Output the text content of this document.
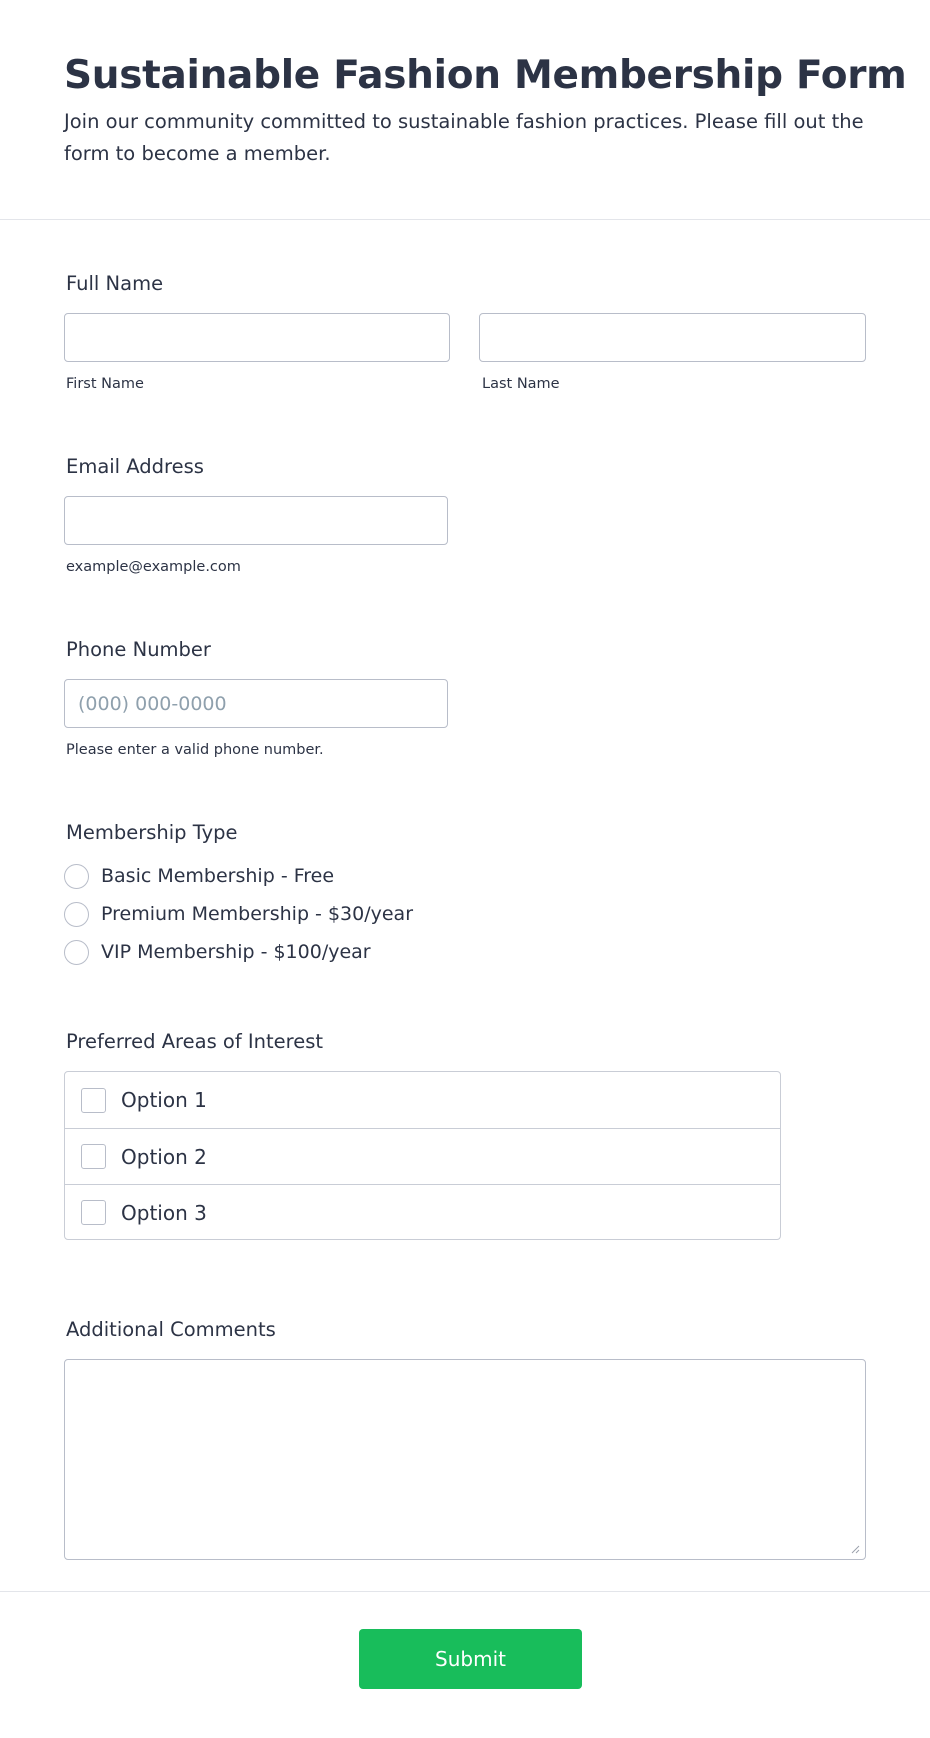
Sustainable Fashion Membership Form

Join our community committed to sustainable fashion practices. Please fill out the form to become a member.

Full Name
First Name	Last Name
Email Address
example@example.com
Phone Number
(000) 000-0000
Please enter a valid phone number.
Membership Type
Basic Membership - Free
Premium Membership - $30/year
VIP Membership - $100/year
Preferred Areas of Interest
Option 1
Option 2
Option 3
Additional Comments
Submit
